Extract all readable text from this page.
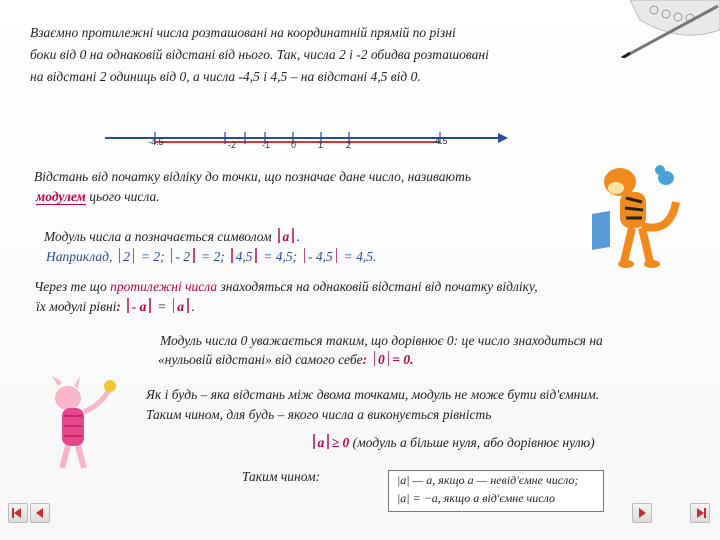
Взаємно протилежні числа розташовані на координатній прямій по різні
боки від 0 на однаковій відстані від нього. Так, числа 2 і -2 обидва розташовані
на відстані 2 одиниць від 0, а числа -4,5 і 4,5 – на відстані 4,5 від 0.
-4.5	-2	-1 0 1	2	4.5
Відстань від початку відліку до точки, що позначає дане число, називають
модулем цього числа.
Модуль числа a позначається символом a .
Наприклад, 2 = 2; - 2 = 2; 4,5 = 4,5; - 4,5 = 4,5.
Через те що протилежні числа знаходяться на однаковій відстані від початку відліку,
їх модулі рівні: - а = а .
Модуль числа 0 уважається таким, що дорівнює 0: це число знаходиться на
«нульовій відстані» від самого себе: 0 = 0.
Як і будь – яка відстань між двома точками, модуль не може бути від'ємним.
Таким чином, для будь – якого числа а виконується рівність
а ≥ 0 (модуль а більше нуля, або дорівнює нулю)
Таким чином:	|a| — a, якщо a — невід'ємне число;
|a| = −a, якщо a від'ємне число
